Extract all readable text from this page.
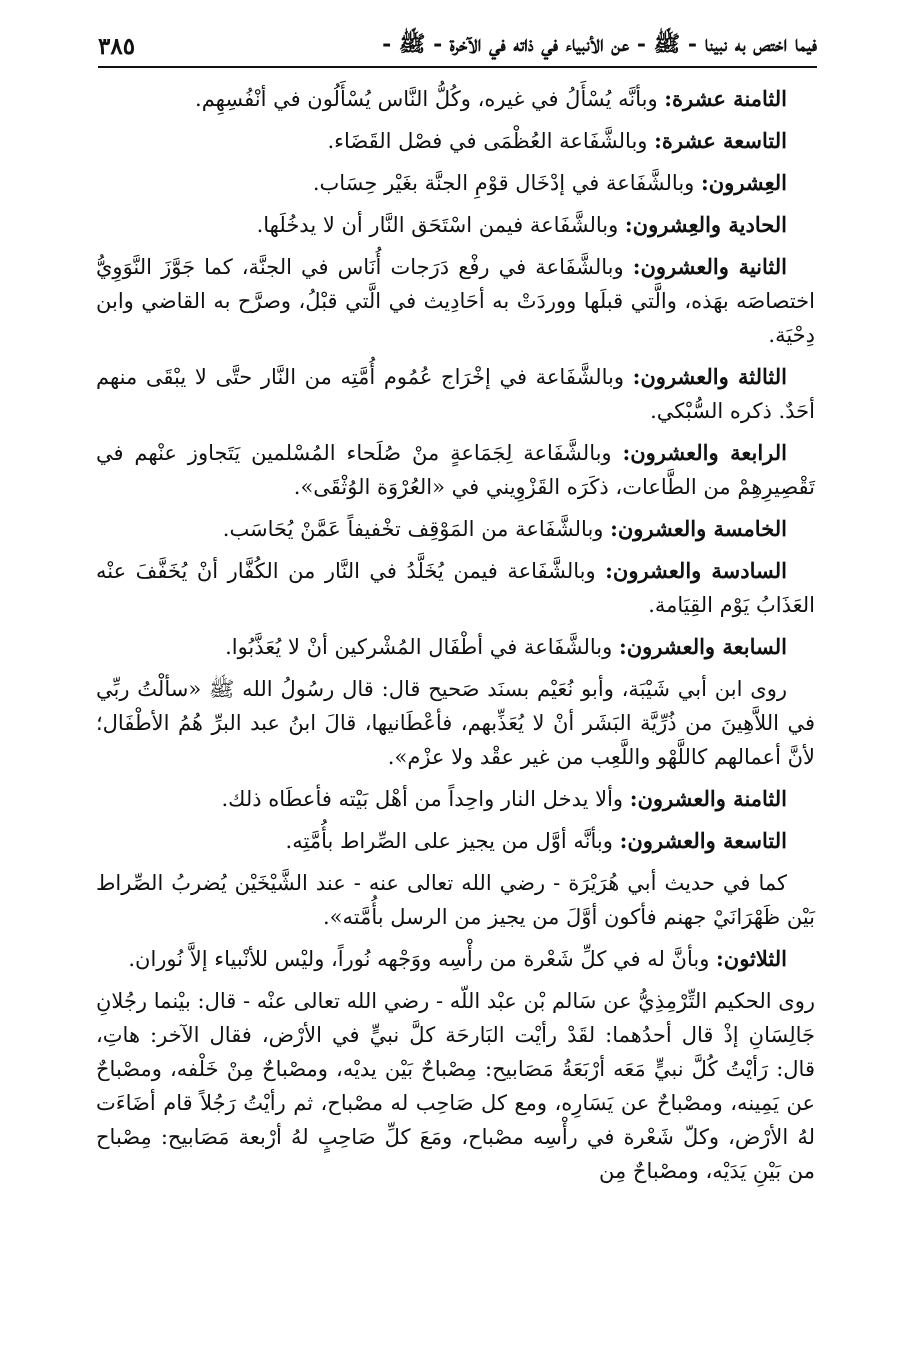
فيما اختص به نبينا - ﷺ - عن الأنبياء في ذاته في الآخرة - ﷺ -
٣٨٥

الثامنة عشرة: وبأنَّه يُسْأَلُ في غيره، وكُلُّ النَّاس يُسْأَلُون في أنْفُسِهِم.

التاسعة عشرة: وبالشَّفَاعة العُظْمَى في فصْل القَضَاء.

العِشرون: وبالشَّفَاعة في إدْخَال قوْمِ الجنَّة بغَيْر حِسَاب.

الحادية والعِشرون: وبالشَّفَاعة فيمن اسْتَحَق النَّار أن لا يدخُلَها.

الثانية والعشرون: وبالشَّفَاعة في رفْع دَرَجات أُنَاس في الجنَّة، كما جَوَّزَ النَّوَوِيُّ اختصاصَه بهَذه، والَّتي قبلَها ووردَتْ به أحَادِيث في الَّتي قبْلُ، وصرَّح به القاضي وابن دِحْيَة.

الثالثة والعشرون: وبالشَّفَاعة في إخْرَاج عُمُوم أُمَّتِه من النَّار حتَّى لا يبْقَى منهم أحَدٌ. ذكره السُّبْكي.

الرابعة والعشرون: وبالشَّفَاعة لِجَمَاعةٍ منْ صُلَحاء المُسْلمين يَتَجاوز عنْهم في تَقْصِيرِهِمْ من الطَّاعات، ذكَرَه القَزْوِيني في «العُرْوَة الوُثْقَى».

الخامسة والعشرون: وبالشَّفَاعة من المَوْقِف تخْفيفاً عَمَّنْ يُحَاسَب.

السادسة والعشرون: وبالشَّفَاعة فيمن يُخَلَّدُ في النَّار من الكُفَّار أنْ يُخَفَّفَ عنْه العَذَابُ يَوْم القِيَامة.

السابعة والعشرون: وبالشَّفَاعة في أطْفَال المُشْركين أنْ لا يُعَذَّبُوا.

روى ابن أبي شَيْبَة، وأبو نُعَيْم بسنَد صَحيح قال: قال رسُولُ الله ﷺ «سألْتُ ربِّي في اللاَّهِينَ من ذُرِّيَّة البَشَر أنْ لا يُعَذِّبهم، فأعْطَانيها، قالَ ابنُ عبد البرِّ هُمُ الأطْفَال؛ لأنَّ أعمالهم كاللَّهْو واللَّعِب من غير عقْد ولا عزْم».

الثامنة والعشرون: وألا يدخل النار واحِداً من أهْل بَيْته فأعطَاه ذلك.

التاسعة والعشرون: وبأنَّه أوَّل من يجيز على الصِّراط بأُمَّتِه.

كما في حديث أبي هُرَيْرَة - رضي الله تعالى عنه - عند الشَّيْخَيْن يُضربُ الصِّراط بَيْن ظَهْرَانَيْ جهنم فأكون أوَّلَ من يجيز من الرسل بأُمَّته».

الثلاثون: وبأنَّ له في كلِّ شَعْرة من رأْسِه ووَجْهه نُوراً، وليْس للأنْبياء إلاَّ نُوران.

روى الحكيم التِّرْمِذِيُّ عن سَالم بْن عبْد اللّه - رضي الله تعالى عنْه - قال: بيْنما رجُلانِ جَالِسَانِ إذْ قال أحدُهما: لقَدْ رأيْت البَارحَة كلَّ نبيٍّ في الأرْض، فقال الآخر: هاتِ، قال: رَأيْتُ كُلَّ نبيٍّ مَعَه أرْبَعَةُ مَصَابيح: مِصْباحٌ بَيْن يديْه، ومصْباحٌ مِنْ خَلْفه، ومصْباحٌ عن يَمِينه، ومصْباحٌ عن يَسَارِه، ومع كل صَاحِب له مصْباح، ثم رأيْتُ رَجُلاً قام أضَاءَت لهُ الأرْض، وكلّ شَعْرة في رأْسِه مصْباح، ومَعَ كلِّ صَاحِبٍ لهُ أرْبعة مَصَابيح: مِصْباح من بَيْنِ يَدَيْه، ومصْباحٌ مِن
